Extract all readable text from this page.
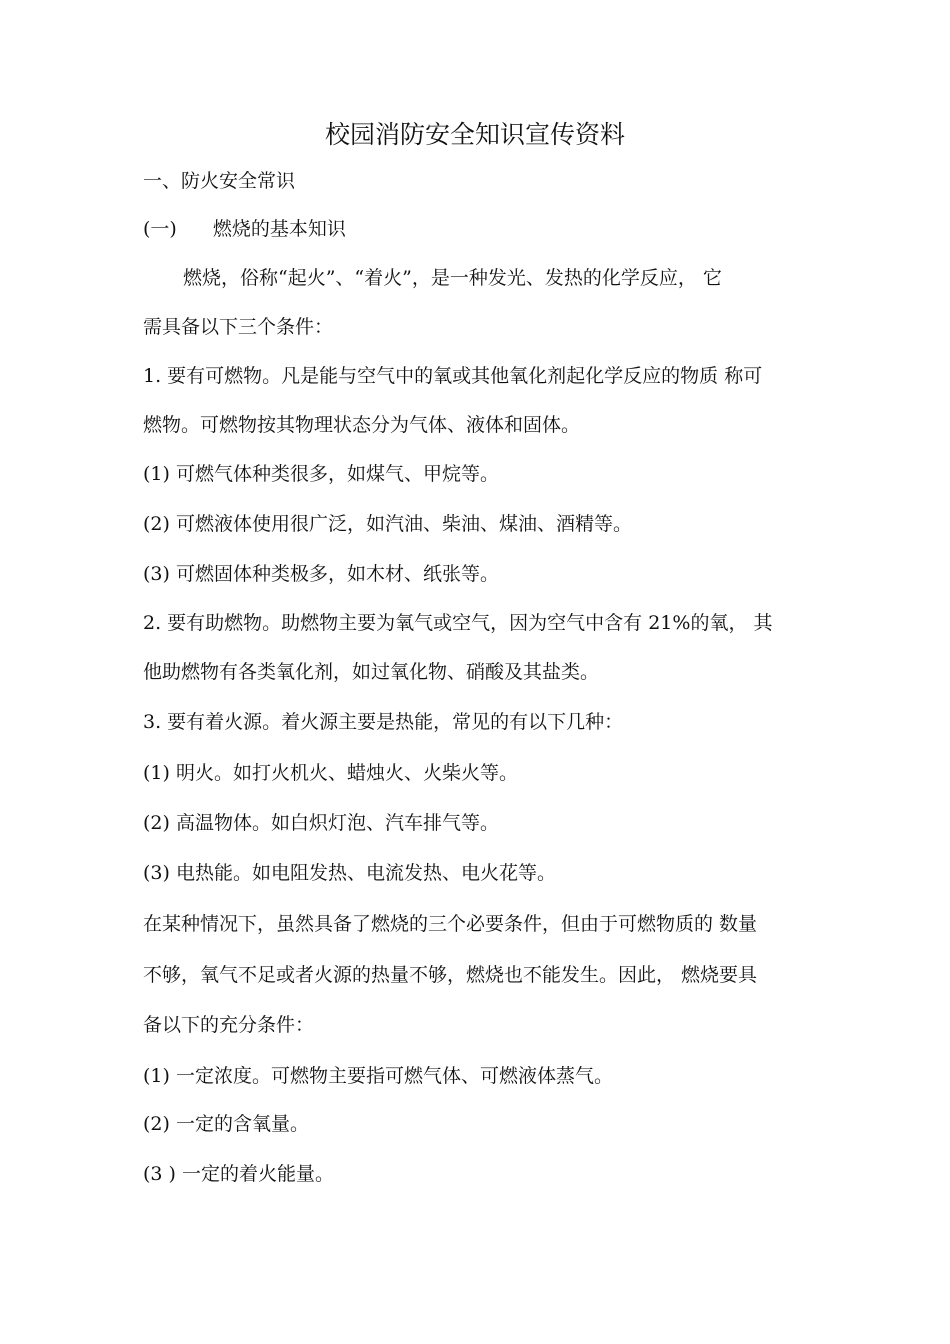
校园消防安全知识宣传资料
一、防火安全常识
(一) 燃烧的基本知识
燃烧，俗称“起火”、“着火”，是一种发光、发热的化学反应， 它
需具备以下三个条件：
1. 要有可燃物。凡是能与空气中的氧或其他氧化剂起化学反应的物质 称可
燃物。可燃物按其物理状态分为气体、液体和固体。
(1) 可燃气体种类很多，如煤气、甲烷等。
(2) 可燃液体使用很广泛，如汽油、柴油、煤油、酒精等。
(3) 可燃固体种类极多，如木材、纸张等。
2. 要有助燃物。助燃物主要为氧气或空气，因为空气中含有 21%的氧， 其
他助燃物有各类氧化剂，如过氧化物、硝酸及其盐类。
3. 要有着火源。着火源主要是热能，常见的有以下几种：
(1) 明火。如打火机火、蜡烛火、火柴火等。
(2) 高温物体。如白炽灯泡、汽车排气等。
(3) 电热能。如电阻发热、电流发热、电火花等。
在某种情况下，虽然具备了燃烧的三个必要条件，但由于可燃物质的 数量
不够，氧气不足或者火源的热量不够，燃烧也不能发生。因此， 燃烧要具
备以下的充分条件：
(1) 一定浓度。可燃物主要指可燃气体、可燃液体蒸气。
(2) 一定的含氧量。
(3 ) 一定的着火能量。
